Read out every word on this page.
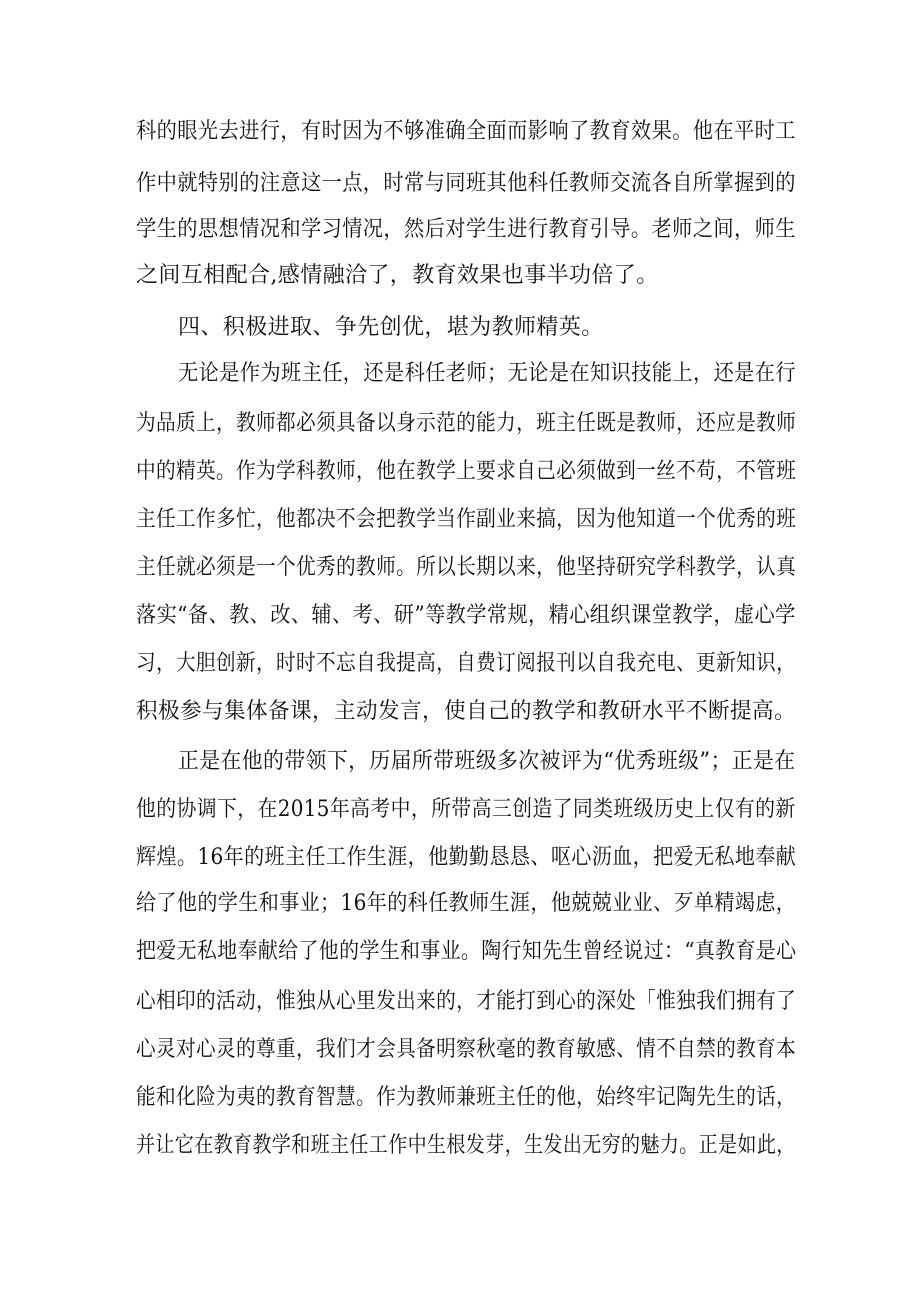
科的眼光去进行，有时因为不够准确全面而影响了教育效果。他在平时工
作中就特别的注意这一点，时常与同班其他科任教师交流各自所掌握到的
学生的思想情况和学习情况，然后对学生进行教育引导。老师之间，师生
之间互相配合,感情融洽了，教育效果也事半功倍了。
四、积极进取、争先创优，堪为教师精英。
无论是作为班主任，还是科任老师；无论是在知识技能上，还是在行
为品质上，教师都必须具备以身示范的能力，班主任既是教师，还应是教师
中的精英。作为学科教师，他在教学上要求自己必须做到一丝不苟，不管班
主任工作多忙，他都决不会把教学当作副业来搞，因为他知道一个优秀的班
主任就必须是一个优秀的教师。所以长期以来，他坚持研究学科教学，认真
落实“备、教、改、辅、考、研”等教学常规，精心组织课堂教学，虚心学
习，大胆创新，时时不忘自我提高，自费订阅报刊以自我充电、更新知识，
积极参与集体备课，主动发言，使自己的教学和教研水平不断提高。
正是在他的带领下，历届所带班级多次被评为“优秀班级”；正是在
他的协调下，在2015年高考中，所带高三创造了同类班级历史上仅有的新
辉煌。16年的班主任工作生涯，他勤勤恳恳、呕心沥血，把爱无私地奉献
给了他的学生和事业；16年的科任教师生涯，他兢兢业业、歹单精竭虑，
把爱无私地奉献给了他的学生和事业。陶行知先生曾经说过：“真教育是心
心相印的活动，惟独从心里发出来的，才能打到心的深处「惟独我们拥有了
心灵对心灵的尊重，我们才会具备明察秋毫的教育敏感、情不自禁的教育本
能和化险为夷的教育智慧。作为教师兼班主任的他，始终牢记陶先生的话，
并让它在教育教学和班主任工作中生根发芽，生发出无穷的魅力。正是如此，
